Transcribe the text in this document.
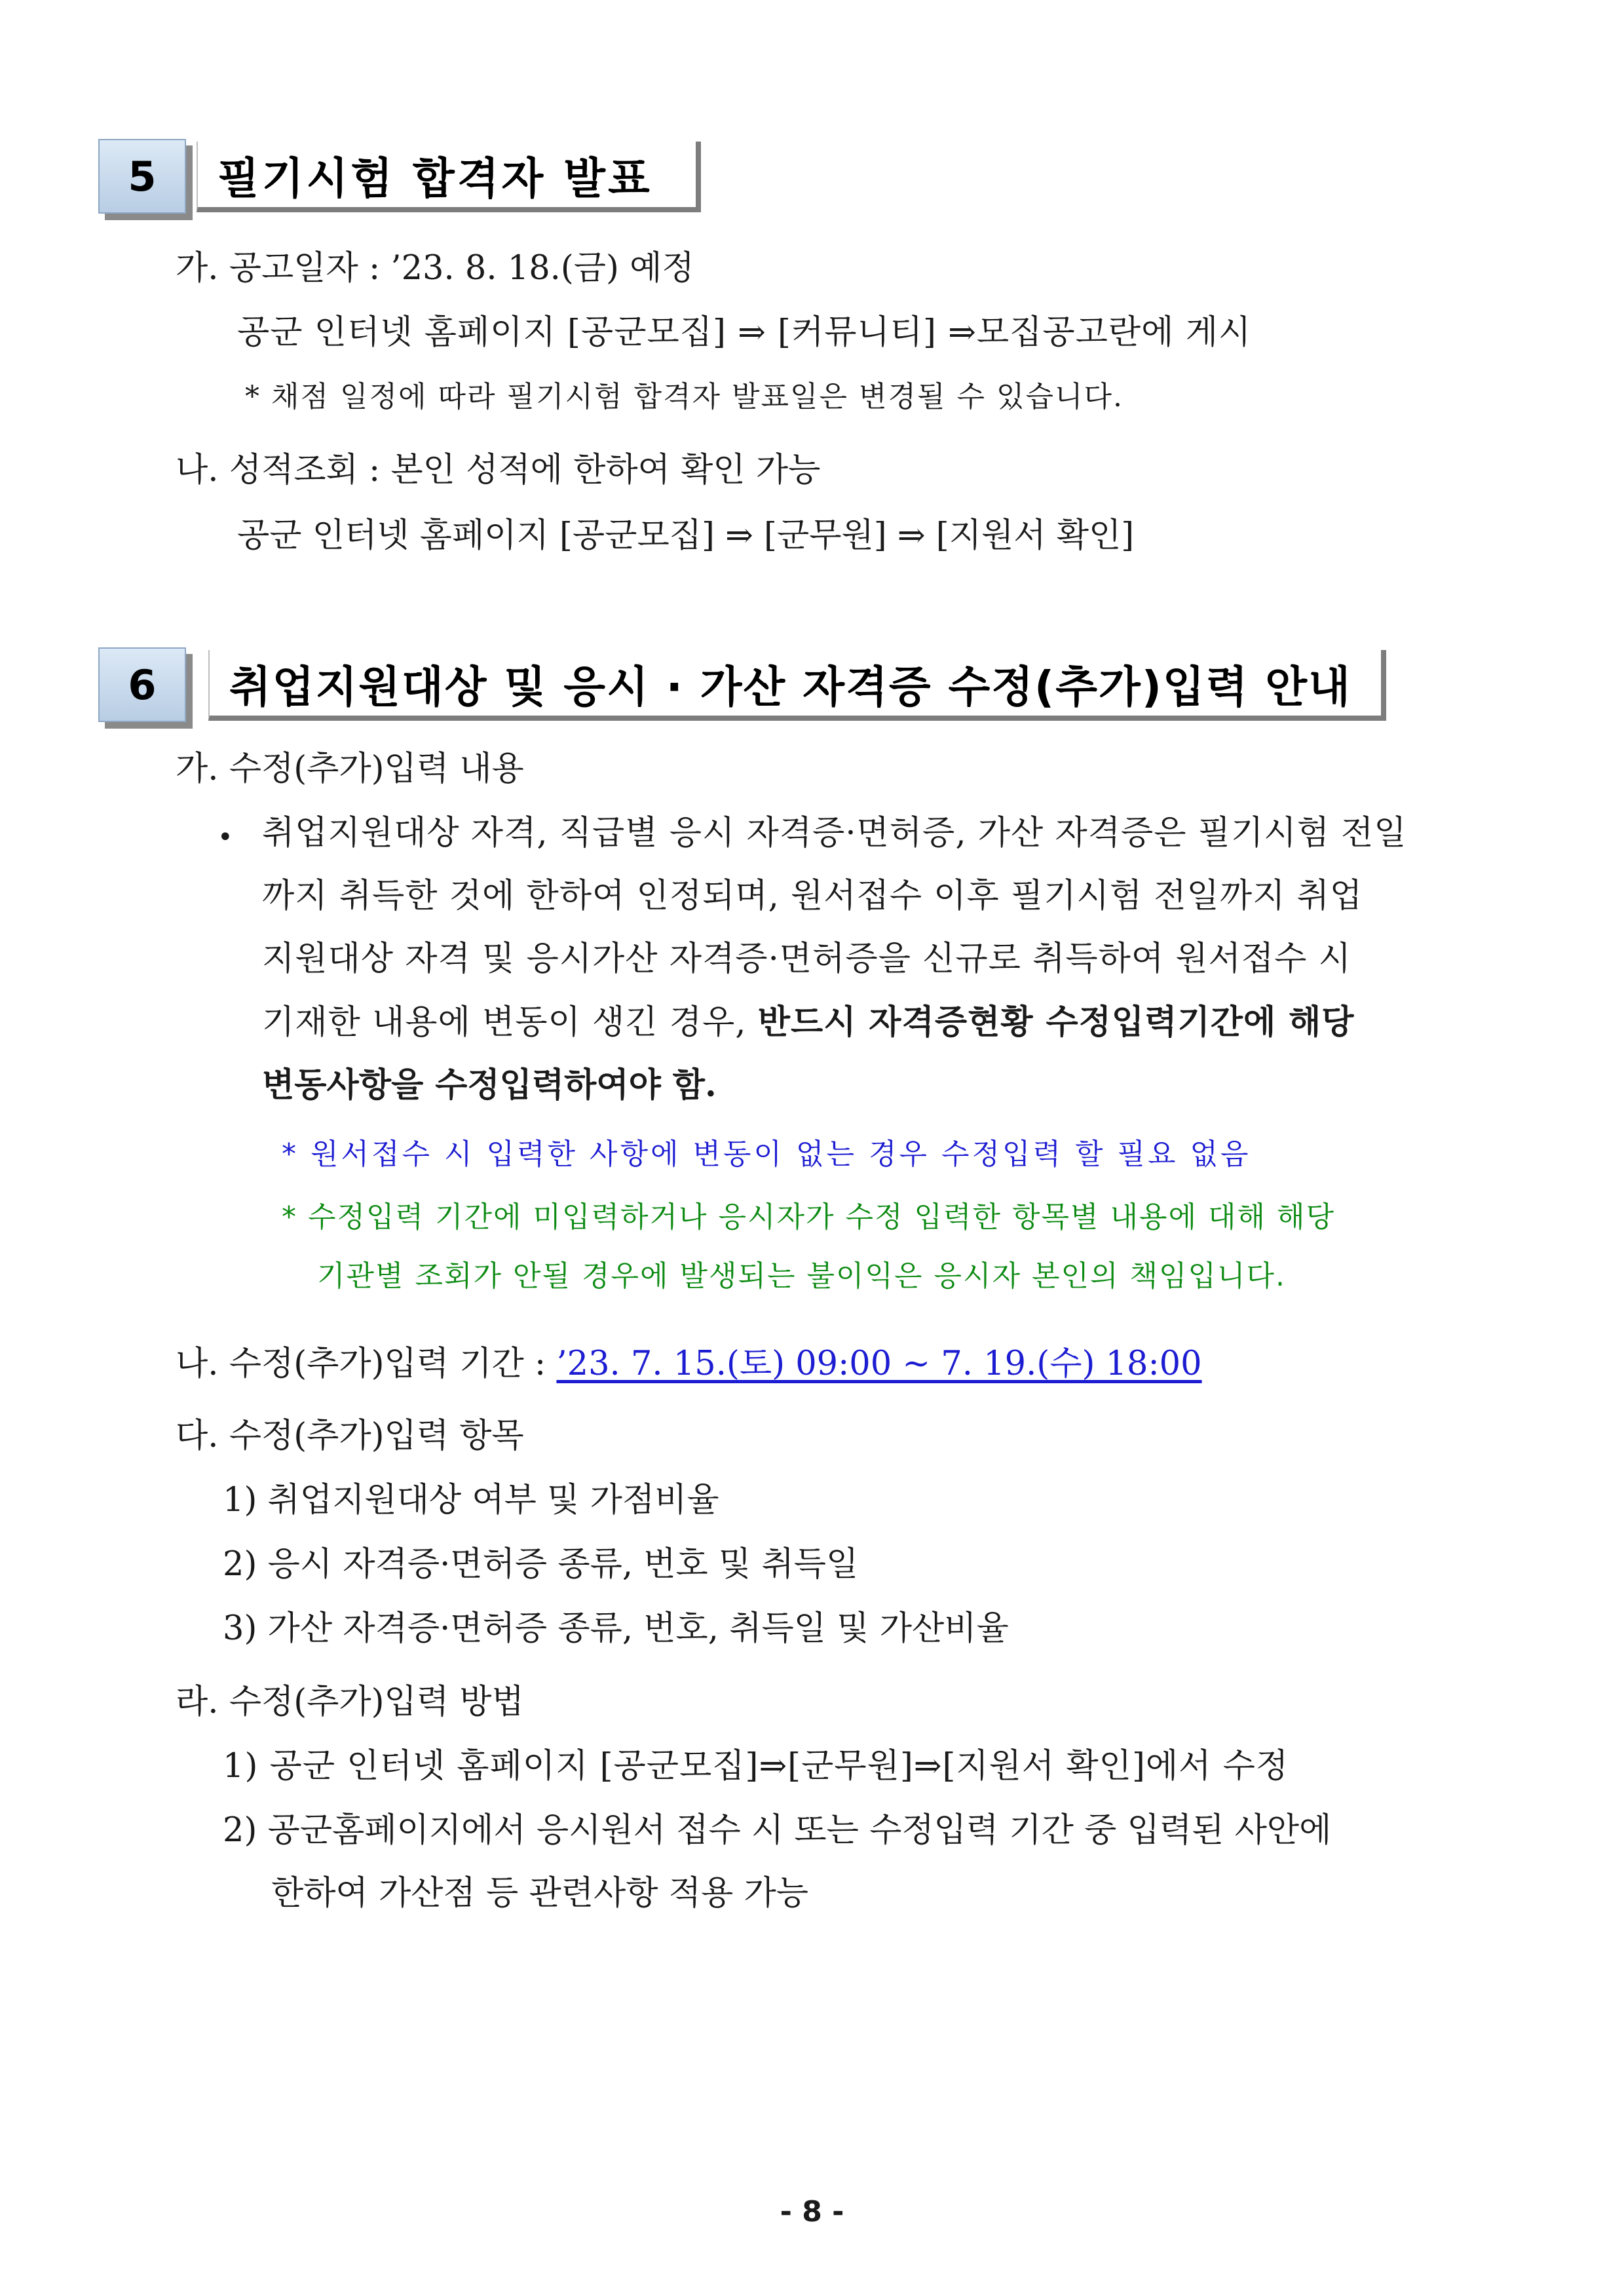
5	필기시험 합격자 발표
가. 공고일자 : ’23. 8. 18.(금) 예정
공군 인터넷 홈페이지 [공군모집] ⇒ [커뮤니티] ⇒모집공고란에 게시
* 채점 일정에 따라 필기시험 합격자 발표일은 변경될 수 있습니다.
나. 성적조회 : 본인 성적에 한하여 확인 가능
공군 인터넷 홈페이지 [공군모집] ⇒ [군무원] ⇒ [지원서 확인]
6	취업지원대상 및 응시 · 가산 자격증 수정(추가)입력 안내
가. 수정(추가)입력 내용
• 취업지원대상 자격, 직급별 응시 자격증·면허증, 가산 자격증은 필기시험 전일
까지 취득한 것에 한하여 인정되며, 원서접수 이후 필기시험 전일까지 취업
지원대상 자격 및 응시가산 자격증·면허증을 신규로 취득하여 원서접수 시
기재한 내용에 변동이 생긴 경우, 반드시 자격증현황 수정입력기간에 해당
변동사항을 수정입력하여야 함.
* 원서접수 시 입력한 사항에 변동이 없는 경우 수정입력 할 필요 없음
* 수정입력 기간에 미입력하거나 응시자가 수정 입력한 항목별 내용에 대해 해당
기관별 조회가 안될 경우에 발생되는 불이익은 응시자 본인의 책임입니다.
나. 수정(추가)입력 기간 : ’23. 7. 15.(토) 09:00 ~ 7. 19.(수) 18:00
다. 수정(추가)입력 항목
1) 취업지원대상 여부 및 가점비율
2) 응시 자격증·면허증 종류, 번호 및 취득일
3) 가산 자격증·면허증 종류, 번호, 취득일 및 가산비율
라. 수정(추가)입력 방법
1) 공군 인터넷 홈페이지 [공군모집]⇒[군무원]⇒[지원서 확인]에서 수정
2) 공군홈페이지에서 응시원서 접수 시 또는 수정입력 기간 중 입력된 사안에
한하여 가산점 등 관련사항 적용 가능
- 8 -
